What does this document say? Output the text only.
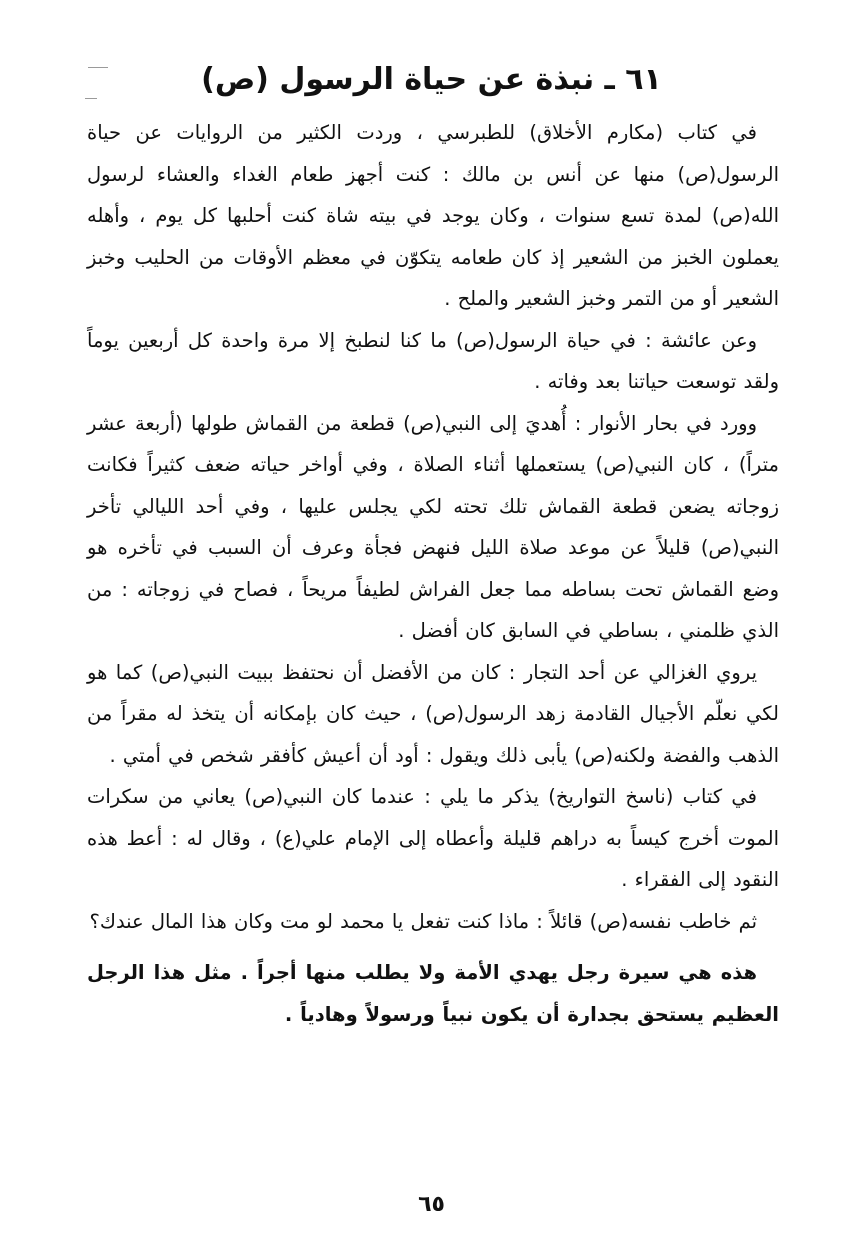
٦١ ـ نبذة عن حياة الرسول (ص)

في كتاب (مكارم الأخلاق) للطبرسي ، وردت الكثير من الروايات عن حياة الرسول(ص) منها عن أنس بن مالك : كنت أجهز طعام الغداء والعشاء لرسول الله(ص) لمدة تسع سنوات ، وكان يوجد في بيته شاة كنت أحلبها كل يوم ، وأهله يعملون الخبز من الشعير إذ كان طعامه يتكوّن في معظم الأوقات من الحليب وخبز الشعير أو من التمر وخبز الشعير والملح .

وعن عائشة : في حياة الرسول(ص) ما كنا لنطبخ إلا مرة واحدة كل أربعين يوماً ولقد توسعت حياتنا بعد وفاته .

وورد في بحار الأنوار : أُهديَ إلى النبي(ص) قطعة من القماش طولها (أربعة عشر متراً) ، كان النبي(ص) يستعملها أثناء الصلاة ، وفي أواخر حياته ضعف كثيراً فكانت زوجاته يضعن قطعة القماش تلك تحته لكي يجلس عليها ، وفي أحد الليالي تأخر النبي(ص) قليلاً عن موعد صلاة الليل فنهض فجأة وعرف أن السبب في تأخره هو وضع القماش تحت بساطه مما جعل الفراش لطيفاً مريحاً ، فصاح في زوجاته : من الذي ظلمني ، بساطي في السابق كان أفضل .

يروي الغزالي عن أحد التجار : كان من الأفضل أن نحتفظ ببيت النبي(ص) كما هو لكي نعلّم الأجيال القادمة زهد الرسول(ص) ، حيث كان بإمكانه أن يتخذ له مقراً من الذهب والفضة ولكنه(ص) يأبى ذلك ويقول : أود أن أعيش كأفقر شخص في أمتي .

في كتاب (ناسخ التواريخ) يذكر ما يلي : عندما كان النبي(ص) يعاني من سكرات الموت أخرج كيساً به دراهم قليلة وأعطاه إلى الإمام علي(ع) ، وقال له : أعط هذه النقود إلى الفقراء .

ثم خاطب نفسه(ص) قائلاً : ماذا كنت تفعل يا محمد لو مت وكان هذا المال عندك؟

هذه هي سيرة رجل يهدي الأمة ولا يطلب منها أجراً . مثل هذا الرجل العظيم يستحق بجدارة أن يكون نبياً ورسولاً وهادياً .

٦٥
